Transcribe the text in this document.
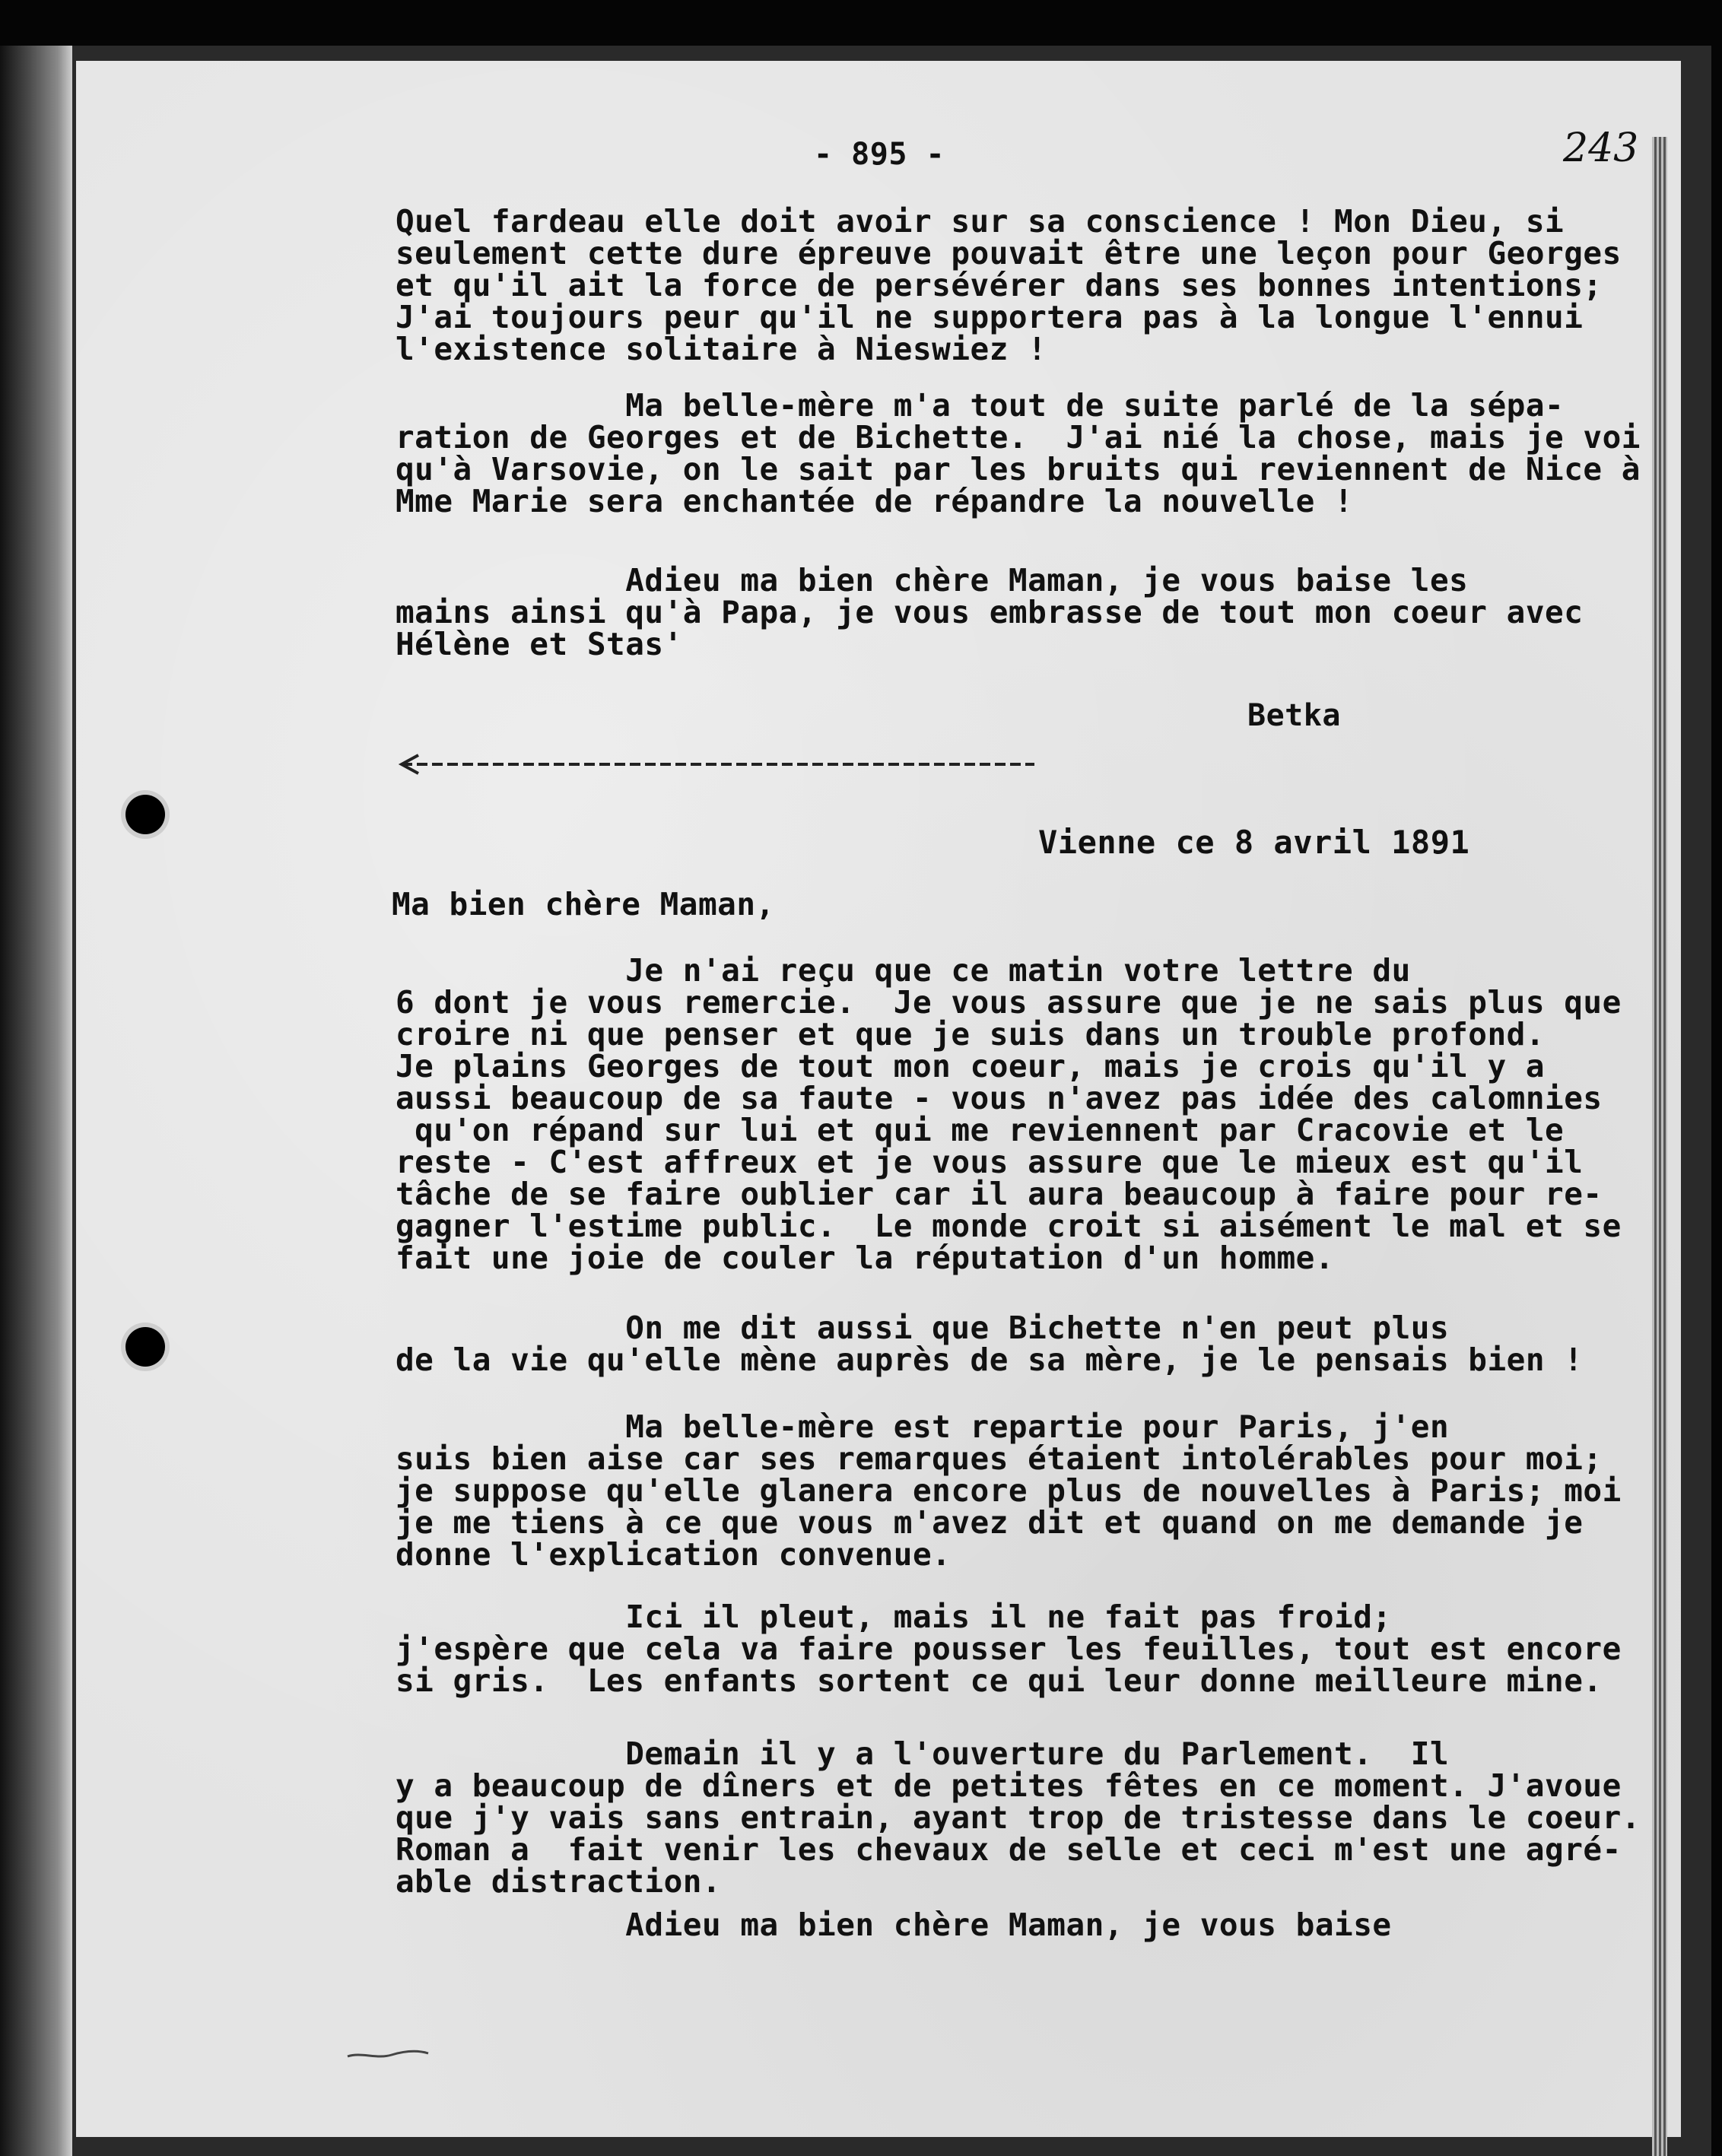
- 895 -	243
Quel fardeau elle doit avoir sur sa conscience ! Mon Dieu, si
seulement cette dure épreuve pouvait être une leçon pour Georges
et qu'il ait la force de persévérer dans ses bonnes intentions;
J'ai toujours peur qu'il ne supportera pas à la longue l'ennui
l'existence solitaire à Nieswiez !
Ma belle-mère m'a tout de suite parlé de la sépa-
ration de Georges et de Bichette.  J'ai nié la chose, mais je voi
qu'à Varsovie, on le sait par les bruits qui reviennent de Nice à
Mme Marie sera enchantée de répandre la nouvelle !
Adieu ma bien chère Maman, je vous baise les
mains ainsi qu'à Papa, je vous embrasse de tout mon coeur avec
Hélène et Stas'
Betka
Vienne ce 8 avril 1891
Ma bien chère Maman,
Je n'ai reçu que ce matin votre lettre du
6 dont je vous remercie.  Je vous assure que je ne sais plus que
croire ni que penser et que je suis dans un trouble profond.
Je plains Georges de tout mon coeur, mais je crois qu'il y a
aussi beaucoup de sa faute - vous n'avez pas idée des calomnies
qu'on répand sur lui et qui me reviennent par Cracovie et le
reste - C'est affreux et je vous assure que le mieux est qu'il
tâche de se faire oublier car il aura beaucoup à faire pour re-
gagner l'estime public.  Le monde croit si aisément le mal et se
fait une joie de couler la réputation d'un homme.
On me dit aussi que Bichette n'en peut plus
de la vie qu'elle mène auprès de sa mère, je le pensais bien !
Ma belle-mère est repartie pour Paris, j'en
suis bien aise car ses remarques étaient intolérables pour moi;
je suppose qu'elle glanera encore plus de nouvelles à Paris; moi
je me tiens à ce que vous m'avez dit et quand on me demande je
donne l'explication convenue.
Ici il pleut, mais il ne fait pas froid;
j'espère que cela va faire pousser les feuilles, tout est encore
si gris.  Les enfants sortent ce qui leur donne meilleure mine.
Demain il y a l'ouverture du Parlement.  Il
y a beaucoup de dîners et de petites fêtes en ce moment. J'avoue
que j'y vais sans entrain, ayant trop de tristesse dans le coeur.
Roman a  fait venir les chevaux de selle et ceci m'est une agré-
able distraction.
Adieu ma bien chère Maman, je vous baise
